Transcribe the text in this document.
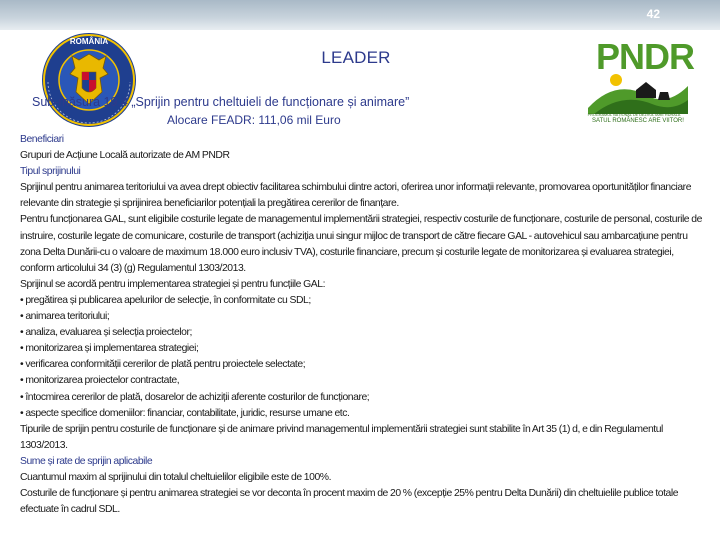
42
ROMÂNIA
LEADER
PROGRAMUL NAȚIONAL DE DEZVOLTARE RURALĂ
PNDR
SATUL ROMÂNESC ARE VIITOR!
Sub-măsura 19.4 „Sprijin pentru cheltuieli de funcționare și animare”
Alocare FEADR: 111,06 mil Euro

Beneficiari

Grupuri de Acțiune Locală autorizate de AM PNDR

Tipul sprijinului

Sprijinul pentru animarea teritoriului va avea drept obiectiv facilitarea schimbului dintre actori, oferirea unor informații relevante, promovarea oportunităților financiare relevante din strategie și sprijinirea beneficiarilor potențiali la pregătirea cererilor de finanțare.

Pentru funcționarea GAL, sunt eligibile costurile legate de managementul implementării strategiei, respectiv costurile de funcționare, costurile de personal, costurile de instruire, costurile legate de comunicare, costurile de transport (achiziția unui singur mijloc de transport de către fiecare GAL - autovehicul sau ambarcațiune pentru zona Delta Dunării-cu o valoare de maximum 18.000 euro inclusiv TVA), costurile financiare, precum și costurile legate de monitorizarea și evaluarea strategiei, conform articolului 34 (3) (g) Regulamentul 1303/2013.

Sprijinul se acordă pentru implementarea strategiei și pentru funcțiile GAL:

• pregătirea și publicarea apelurilor de selecție, în conformitate cu SDL;

• animarea teritoriului;

• analiza, evaluarea și selecția proiectelor;

• monitorizarea și implementarea strategiei;

• verificarea conformității cererilor de plată pentru proiectele selectate;

• monitorizarea proiectelor contractate,

• întocmirea cererilor de plată, dosarelor de achiziții aferente costurilor de funcționare;

• aspecte specifice domeniilor: financiar, contabilitate, juridic, resurse umane etc.

Tipurile de sprijin pentru costurile de funcționare și de animare privind managementul implementării strategiei sunt stabilite în Art 35 (1) d, e din Regulamentul 1303/2013.

Sume și rate de sprijin aplicabile

Cuantumul maxim al sprijinului din totalul cheltuielilor eligibile este de 100%.

Costurile de funcționare și pentru animarea strategiei se vor deconta în procent maxim de 20 % (excepție 25% pentru Delta Dunării) din cheltuielile publice totale efectuate în cadrul SDL.
